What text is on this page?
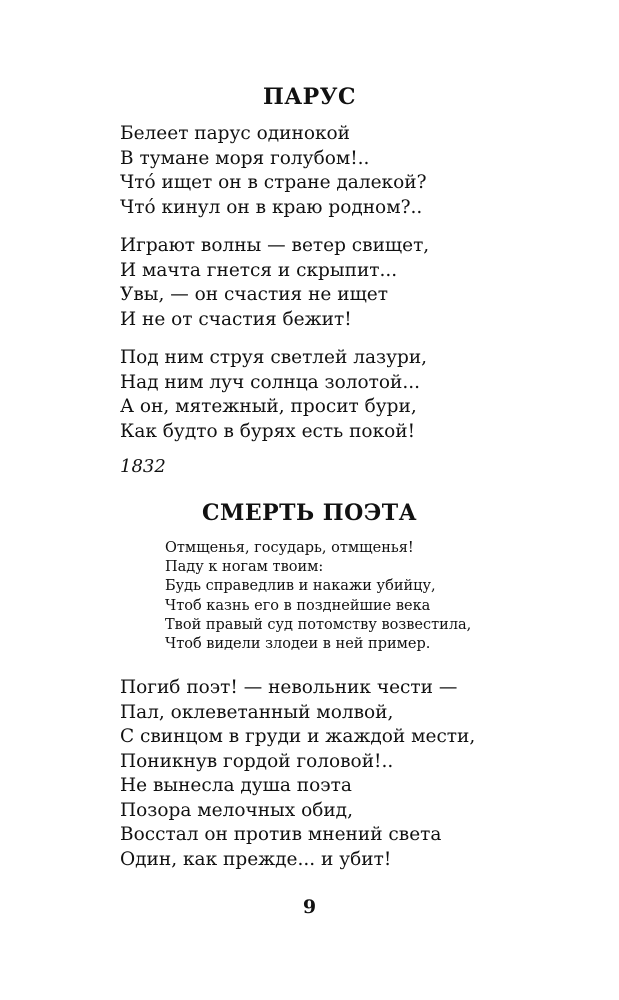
ПАРУС
Белеет парус одинокой
В тумане моря голубом!..
Что́ ищет он в стране далекой?
Что́ кинул он в краю родном?..
Играют волны — ветер свищет,
И мачта гнется и скрыпит...
Увы, — он счастия не ищет
И не от счастия бежит!
Под ним струя светлей лазури,
Над ним луч солнца золотой...
А он, мятежный, просит бури,
Как будто в бурях есть покой!

1832

СМЕРТЬ ПОЭТА
Отмщенья, государь, отмщенья!
Паду к ногам твоим:
Будь справедлив и накажи убийцу,
Чтоб казнь его в позднейшие века
Твой правый суд потомству возвестила,
Чтоб видели злодеи в ней пример.
Погиб поэт! — невольник чести —
Пал, оклеветанный молвой,
С свинцом в груди и жаждой мести,
Поникнув гордой головой!..
Не вынесла душа поэта
Позора мелочных обид,
Восстал он против мнений света
Один, как прежде... и убит!
9
